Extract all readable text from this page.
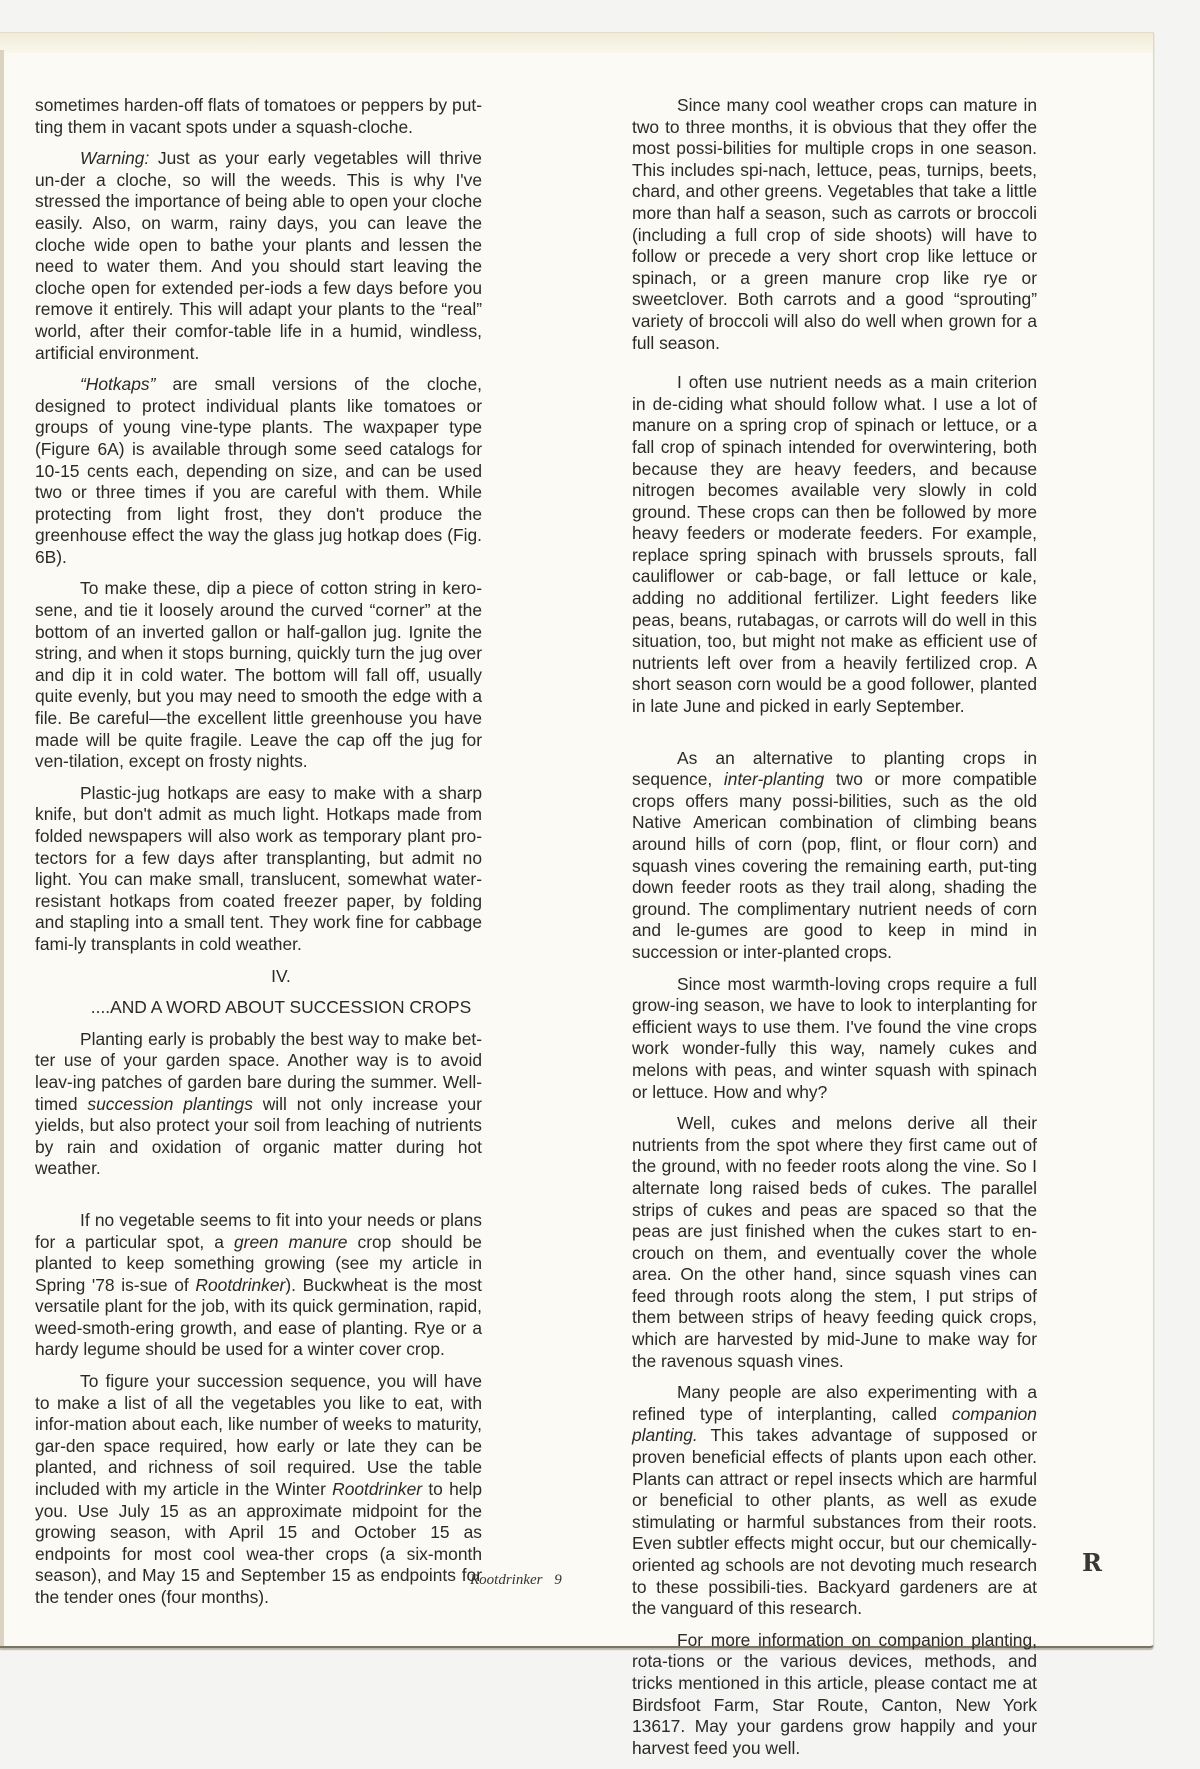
sometimes harden-off flats of tomatoes or peppers by put-ting them in vacant spots under a squash-cloche.

Warning: Just as your early vegetables will thrive un-der a cloche, so will the weeds. This is why I've stressed the importance of being able to open your cloche easily. Also, on warm, rainy days, you can leave the cloche wide open to bathe your plants and lessen the need to water them. And you should start leaving the cloche open for extended per-iods a few days before you remove it entirely. This will adapt your plants to the “real” world, after their comfor-table life in a humid, windless, artificial environment.

“Hotkaps” are small versions of the cloche, designed to protect individual plants like tomatoes or groups of young vine-type plants. The waxpaper type (Figure 6A) is available through some seed catalogs for 10-15 cents each, depending on size, and can be used two or three times if you are careful with them. While protecting from light frost, they don't produce the greenhouse effect the way the glass jug hotkap does (Fig. 6B).

To make these, dip a piece of cotton string in kero-sene, and tie it loosely around the curved “corner” at the bottom of an inverted gallon or half-gallon jug. Ignite the string, and when it stops burning, quickly turn the jug over and dip it in cold water. The bottom will fall off, usually quite evenly, but you may need to smooth the edge with a file. Be careful—the excellent little greenhouse you have made will be quite fragile. Leave the cap off the jug for ven-tilation, except on frosty nights.

Plastic-jug hotkaps are easy to make with a sharp knife, but don't admit as much light. Hotkaps made from folded newspapers will also work as temporary plant pro-tectors for a few days after transplanting, but admit no light. You can make small, translucent, somewhat water-resistant hotkaps from coated freezer paper, by folding and stapling into a small tent. They work fine for cabbage fami-ly transplants in cold weather.

IV.

....AND A WORD ABOUT SUCCESSION CROPS

Planting early is probably the best way to make bet-ter use of your garden space. Another way is to avoid leav-ing patches of garden bare during the summer. Well-timed succession plantings will not only increase your yields, but also protect your soil from leaching of nutrients by rain and oxidation of organic matter during hot weather.

If no vegetable seems to fit into your needs or plans for a particular spot, a green manure crop should be planted to keep something growing (see my article in Spring '78 is-sue of Rootdrinker). Buckwheat is the most versatile plant for the job, with its quick germination, rapid, weed-smoth-ering growth, and ease of planting. Rye or a hardy legume should be used for a winter cover crop.

To figure your succession sequence, you will have to make a list of all the vegetables you like to eat, with infor-mation about each, like number of weeks to maturity, gar-den space required, how early or late they can be planted, and richness of soil required. Use the table included with my article in the Winter Rootdrinker to help you. Use July 15 as an approximate midpoint for the growing season, with April 15 and October 15 as endpoints for most cool wea-ther crops (a six-month season), and May 15 and September 15 as endpoints for the tender ones (four months).

Since many cool weather crops can mature in two to three months, it is obvious that they offer the most possi-bilities for multiple crops in one season. This includes spi-nach, lettuce, peas, turnips, beets, chard, and other greens. Vegetables that take a little more than half a season, such as carrots or broccoli (including a full crop of side shoots) will have to follow or precede a very short crop like lettuce or spinach, or a green manure crop like rye or sweetclover. Both carrots and a good “sprouting” variety of broccoli will also do well when grown for a full season.

I often use nutrient needs as a main criterion in de-ciding what should follow what. I use a lot of manure on a spring crop of spinach or lettuce, or a fall crop of spinach intended for overwintering, both because they are heavy feeders, and because nitrogen becomes available very slowly in cold ground. These crops can then be followed by more heavy feeders or moderate feeders. For example, replace spring spinach with brussels sprouts, fall cauliflower or cab-bage, or fall lettuce or kale, adding no additional fertilizer. Light feeders like peas, beans, rutabagas, or carrots will do well in this situation, too, but might not make as efficient use of nutrients left over from a heavily fertilized crop. A short season corn would be a good follower, planted in late June and picked in early September.

As an alternative to planting crops in sequence, inter-planting two or more compatible crops offers many possi-bilities, such as the old Native American combination of climbing beans around hills of corn (pop, flint, or flour corn) and squash vines covering the remaining earth, put-ting down feeder roots as they trail along, shading the ground. The complimentary nutrient needs of corn and le-gumes are good to keep in mind in succession or inter-planted crops.

Since most warmth-loving crops require a full grow-ing season, we have to look to interplanting for efficient ways to use them. I've found the vine crops work wonder-fully this way, namely cukes and melons with peas, and winter squash with spinach or lettuce. How and why?

Well, cukes and melons derive all their nutrients from the spot where they first came out of the ground, with no feeder roots along the vine. So I alternate long raised beds of cukes. The parallel strips of cukes and peas are spaced so that the peas are just finished when the cukes start to en-crouch on them, and eventually cover the whole area. On the other hand, since squash vines can feed through roots along the stem, I put strips of them between strips of heavy feeding quick crops, which are harvested by mid-June to make way for the ravenous squash vines.

Many people are also experimenting with a refined type of interplanting, called companion planting. This takes advantage of supposed or proven beneficial effects of plants upon each other. Plants can attract or repel insects which are harmful or beneficial to other plants, as well as exude stimulating or harmful substances from their roots. Even subtler effects might occur, but our chemically-oriented ag schools are not devoting much research to these possibili-ties. Backyard gardeners are at the vanguard of this research.

For more information on companion planting, rota-tions or the various devices, methods, and tricks mentioned in this article, please contact me at Birdsfoot Farm, Star Route, Canton, New York 13617. May your gardens grow happily and your harvest feed you well.

Rootdrinker 9
R
